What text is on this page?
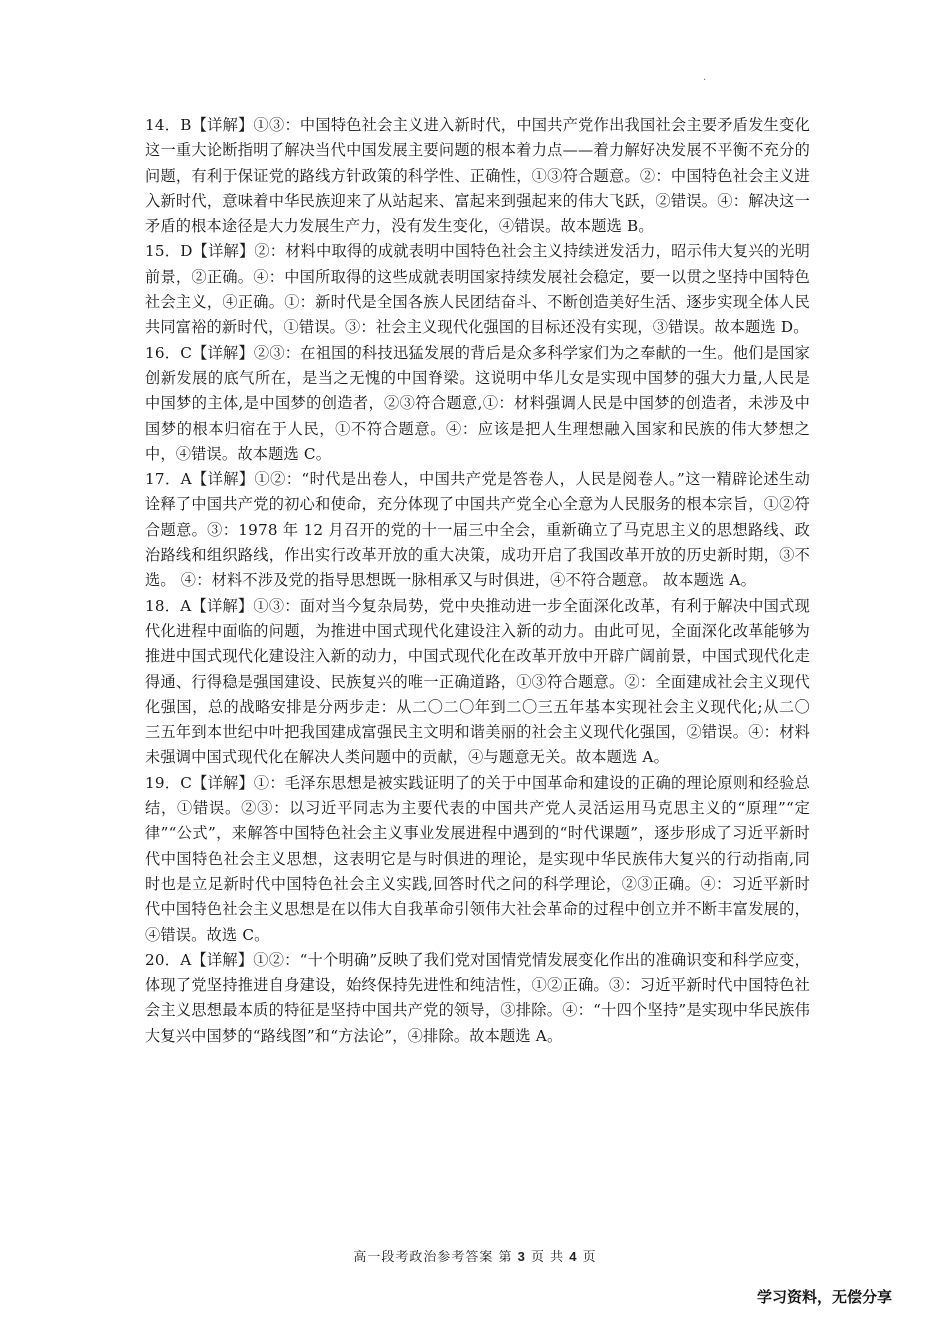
.

14．B【详解】①③：中国特色社会主义进入新时代，中国共产党作出我国社会主要矛盾发生变化这一重大论断指明了解决当代中国发展主要问题的根本着力点——着力解好决发展不平衡不充分的问题，有利于保证党的路线方针政策的科学性、正确性，①③符合题意。②：中国特色社会主义进入新时代，意味着中华民族迎来了从站起来、富起来到强起来的伟大飞跃，②错误。④：解决这一矛盾的根本途径是大力发展生产力，没有发生变化，④错误。故本题选 B。

15．D【详解】②：材料中取得的成就表明中国特色社会主义持续迸发活力，昭示伟大复兴的光明前景，②正确。④：中国所取得的这些成就表明国家持续发展社会稳定，要一以贯之坚持中国特色社会主义，④正确。①：新时代是全国各族人民团结奋斗、不断创造美好生活、逐步实现全体人民共同富裕的新时代，①错误。③：社会主义现代化强国的目标还没有实现，③错误。故本题选 D。

16．C【详解】②③：在祖国的科技迅猛发展的背后是众多科学家们为之奉献的一生。他们是国家创新发展的底气所在，是当之无愧的中国脊梁。这说明中华儿女是实现中国梦的强大力量,人民是中国梦的主体,是中国梦的创造者，②③符合题意,①：材料强调人民是中国梦的创造者，未涉及中国梦的根本归宿在于人民，①不符合题意。④：应该是把人生理想融入国家和民族的伟大梦想之中，④错误。故本题选 C。

17．A【详解】①②：“时代是出卷人，中国共产党是答卷人，人民是阅卷人。”这一精辟论述生动诠释了中国共产党的初心和使命，充分体现了中国共产党全心全意为人民服务的根本宗旨，①②符合题意。③：1978 年 12 月召开的党的十一届三中全会，重新确立了马克思主义的思想路线、政治路线和组织路线，作出实行改革开放的重大决策，成功开启了我国改革开放的历史新时期，③不选。 ④：材料不涉及党的指导思想既一脉相承又与时俱进，④不符合题意。 故本题选 A。

18．A【详解】①③：面对当今复杂局势，党中央推动进一步全面深化改革，有利于解决中国式现代化进程中面临的问题，为推进中国式现代化建设注入新的动力。由此可见，全面深化改革能够为推进中国式现代化建设注入新的动力，中国式现代化在改革开放中开辟广阔前景，中国式现代化走得通、行得稳是强国建设、民族复兴的唯一正确道路，①③符合题意。②：全面建成社会主义现代化强国，总的战略安排是分两步走：从二〇二〇年到二〇三五年基本实现社会主义现代化;从二〇三五年到本世纪中叶把我国建成富强民主文明和谐美丽的社会主义现代化强国，②错误。④：材料未强调中国式现代化在解决人类问题中的贡献，④与题意无关。故本题选 A。

19．C【详解】①：毛泽东思想是被实践证明了的关于中国革命和建设的正确的理论原则和经验总结，①错误。②③：以习近平同志为主要代表的中国共产党人灵活运用马克思主义的“原理”“定律”“公式”，来解答中国特色社会主义事业发展进程中遇到的“时代课题”，逐步形成了习近平新时代中国特色社会主义思想，这表明它是与时俱进的理论，是实现中华民族伟大复兴的行动指南,同时也是立足新时代中国特色社会主义实践,回答时代之问的科学理论，②③正确。④：习近平新时代中国特色社会主义思想是在以伟大自我革命引领伟大社会革命的过程中创立并不断丰富发展的，④错误。故选 C。

20．A【详解】①②：“十个明确”反映了我们党对国情党情发展变化作出的准确识变和科学应变，体现了党坚持推进自身建设，始终保持先进性和纯洁性，①②正确。③：习近平新时代中国特色社会主义思想最本质的特征是坚持中国共产党的领导，③排除。④：“十四个坚持”是实现中华民族伟大复兴中国梦的“路线图”和“方法论”，④排除。故本题选 A。

高一段考政治参考答案 第 3 页 共 4 页
学习资料，无偿分享
